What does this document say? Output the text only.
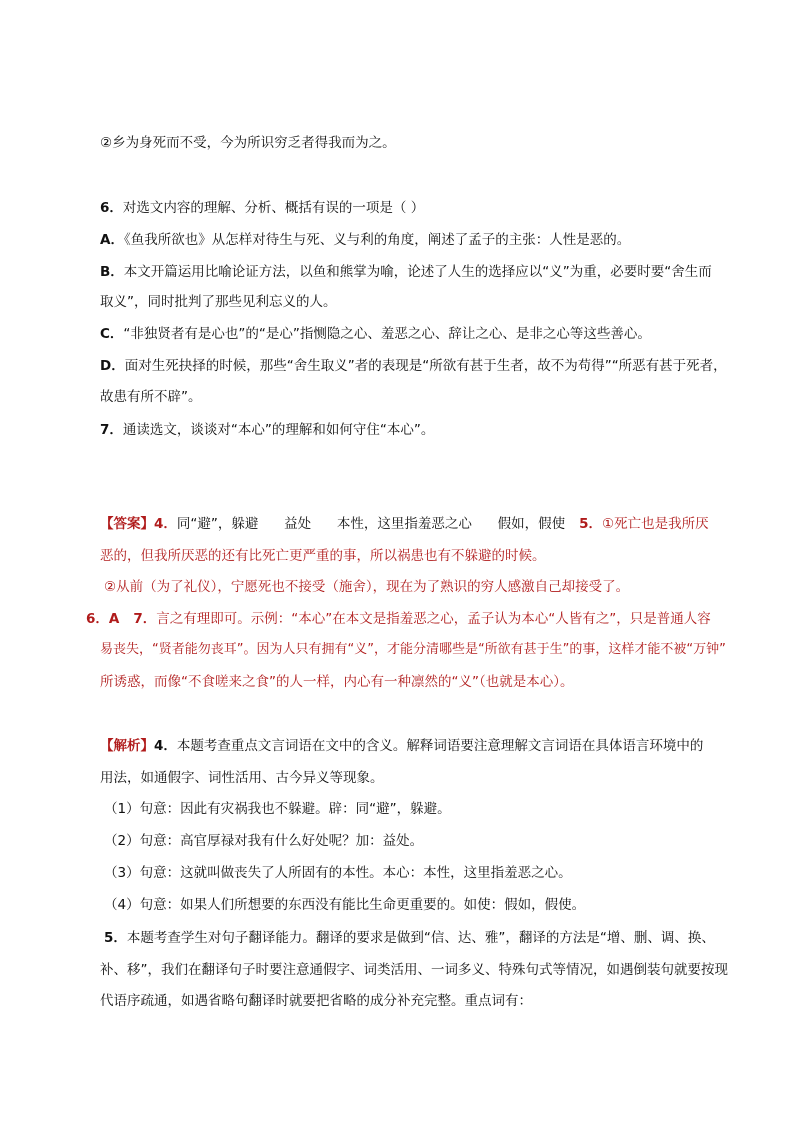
②乡为身死而不受，今为所识穷乏者得我而为之。
6．对选文内容的理解、分析、概括有误的一项是（ ）
A．《鱼我所欲也》从怎样对待生与死、义与利的角度，阐述了孟子的主张：人性是恶的。
B．本文开篇运用比喻论证方法，以鱼和熊掌为喻，论述了人生的选择应以“义”为重，必要时要“舍生而
取义”，同时批判了那些见利忘义的人。
C．“非独贤者有是心也”的“是心”指恻隐之心、羞恶之心、辞让之心、是非之心等这些善心。
D．面对生死抉择的时候，那些“舍生取义”者的表现是“所欲有甚于生者，故不为苟得”“所恶有甚于死者，
故患有所不辟”。
7．通读选文，谈谈对“本心”的理解和如何守住“本心”。
【答案】4．同“避”，躲避      益处      本性，这里指羞恶之心      假如，假使 5．①死亡也是我所厌
恶的，但我所厌恶的还有比死亡更严重的事，所以祸患也有不躲避的时候。
②从前（为了礼仪），宁愿死也不接受（施舍），现在为了熟识的穷人感激自己却接受了。
6．A 7．言之有理即可。示例：“本心”在本文是指羞恶之心，孟子认为本心“人皆有之”，只是普通人容
易丧失，“贤者能勿丧耳”。因为人只有拥有“义”，才能分清哪些是“所欲有甚于生”的事，这样才能不被“万钟”
所诱惑，而像“不食嗟来之食”的人一样，内心有一种凛然的“义”（也就是本心）。
【解析】4．本题考查重点文言词语在文中的含义。解释词语要注意理解文言词语在具体语言环境中的
用法，如通假字、词性活用、古今异义等现象。
（1）句意：因此有灾祸我也不躲避。辟：同“避”，躲避。
（2）句意：高官厚禄对我有什么好处呢？加：益处。
（3）句意：这就叫做丧失了人所固有的本性。本心：本性，这里指羞恶之心。
（4）句意：如果人们所想要的东西没有能比生命更重要的。如使：假如，假使。
5．本题考查学生对句子翻译能力。翻译的要求是做到“信、达、雅”，翻译的方法是“增、删、调、换、
补、移”，我们在翻译句子时要注意通假字、词类活用、一词多义、特殊句式等情况，如遇倒装句就要按现
代语序疏通，如遇省略句翻译时就要把省略的成分补充完整。重点词有：
